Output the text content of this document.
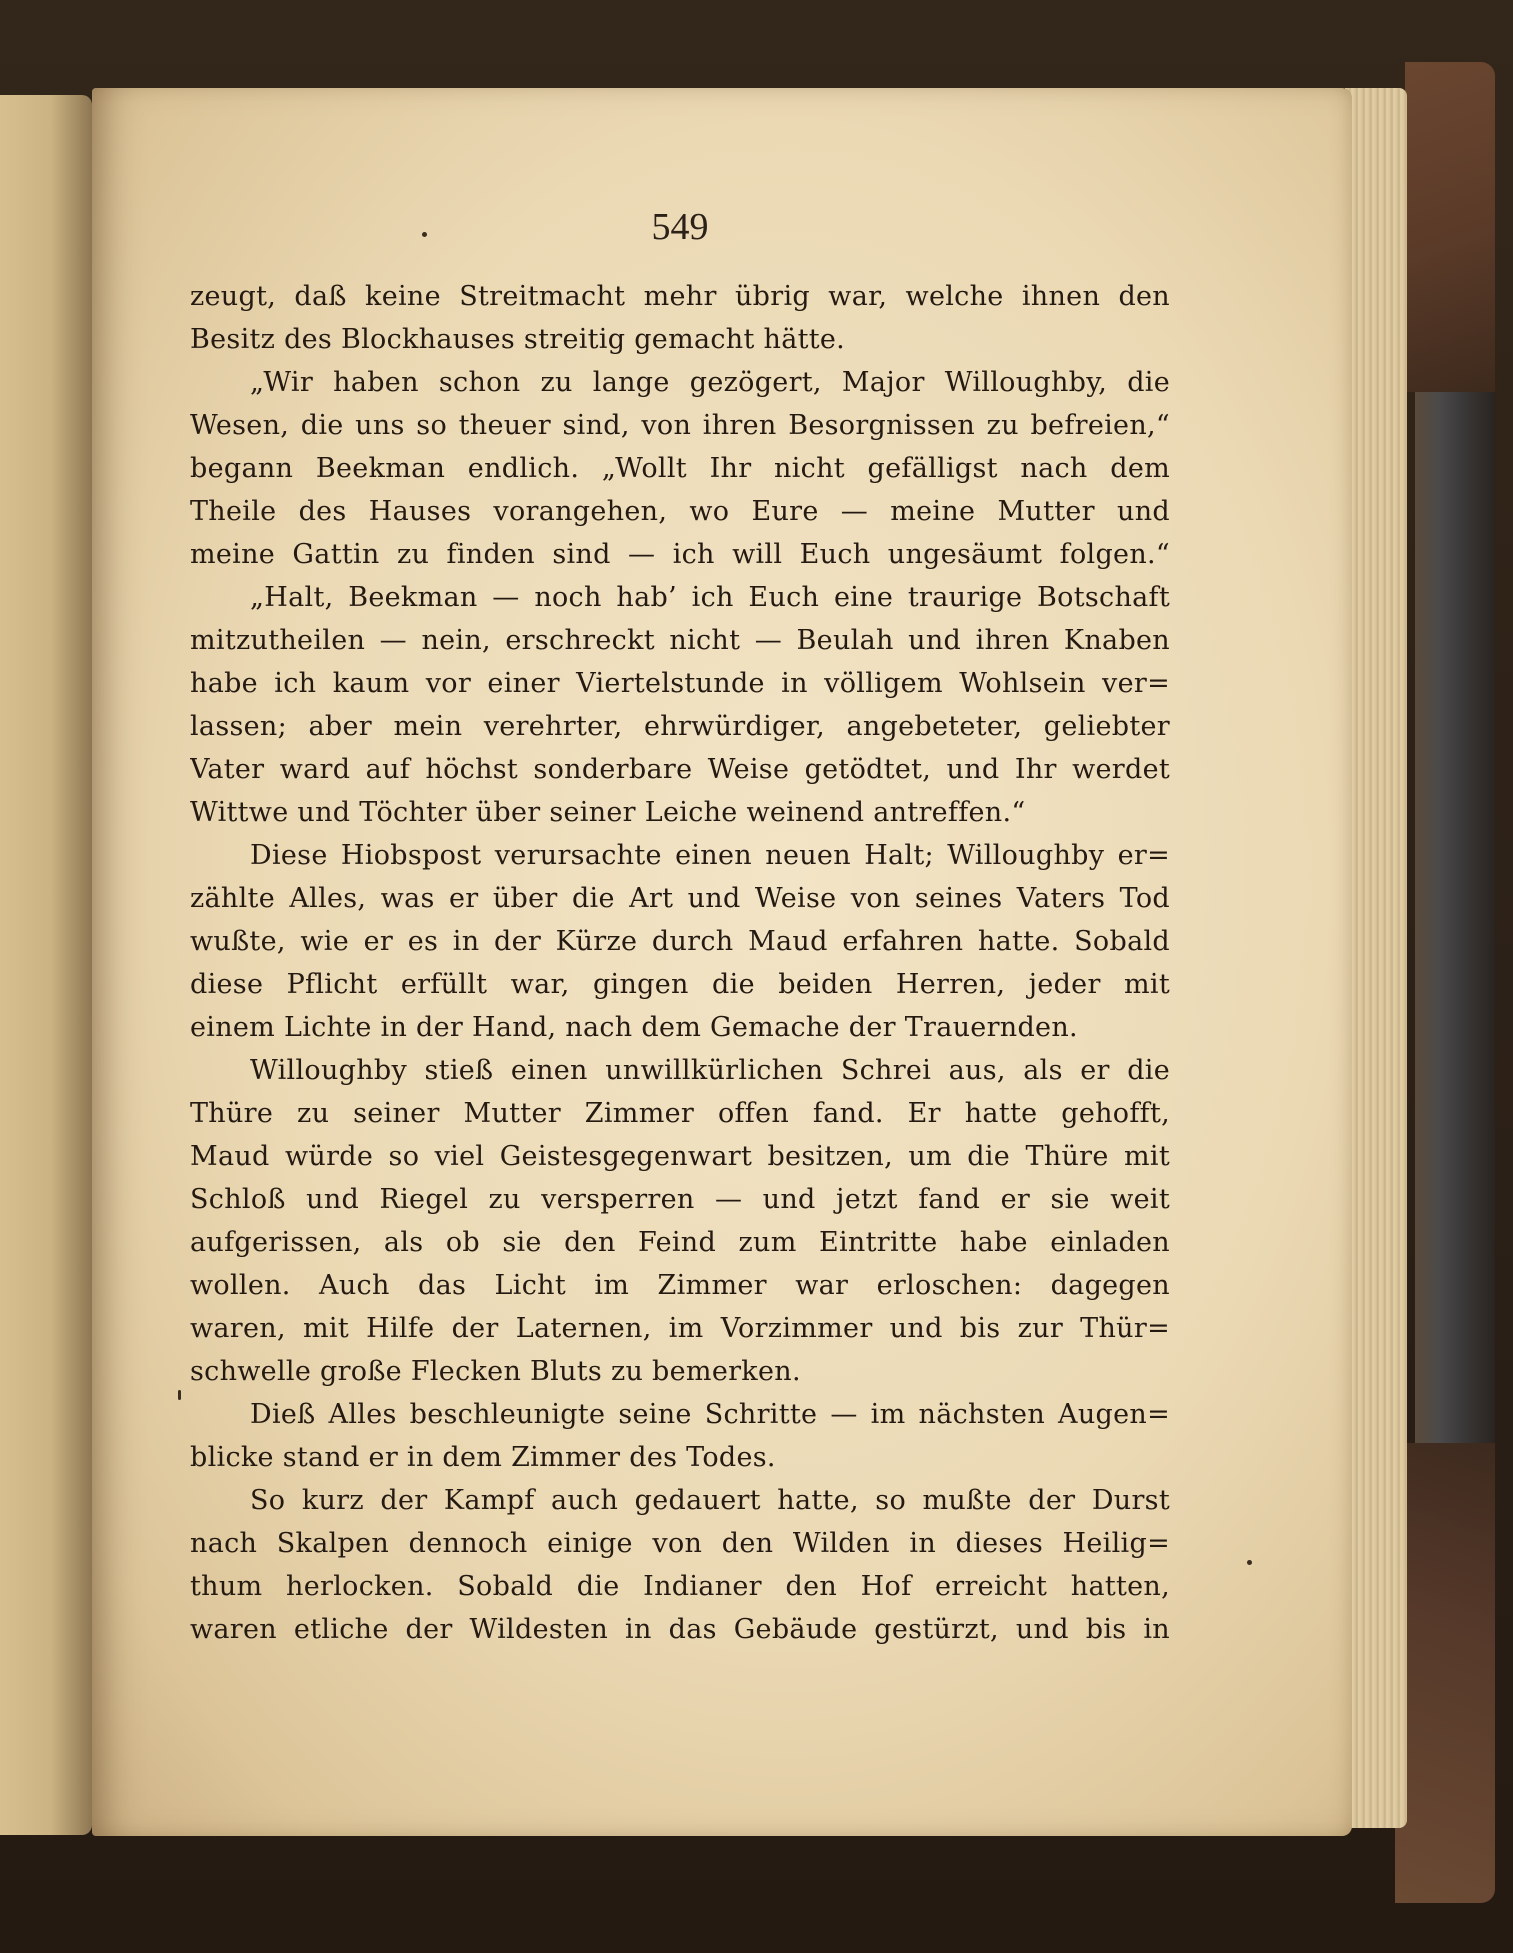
549
zeugt, daß keine Streitmacht mehr übrig war, welche ihnen den
Besitz des Blockhauses streitig gemacht hätte.
„Wir haben schon zu lange gezögert, Major Willoughby, die
Wesen, die uns so theuer sind, von ihren Besorgnissen zu befreien,“
begann Beekman endlich. „Wollt Ihr nicht gefälligst nach dem
Theile des Hauses vorangehen, wo Eure — meine Mutter und
meine Gattin zu finden sind — ich will Euch ungesäumt folgen.“
„Halt, Beekman — noch hab’ ich Euch eine traurige Botschaft
mitzutheilen — nein, erschreckt nicht — Beulah und ihren Knaben
habe ich kaum vor einer Viertelstunde in völligem Wohlsein ver=
lassen; aber mein verehrter, ehrwürdiger, angebeteter, geliebter
Vater ward auf höchst sonderbare Weise getödtet, und Ihr werdet
Wittwe und Töchter über seiner Leiche weinend antreffen.“
Diese Hiobspost verursachte einen neuen Halt; Willoughby er=
zählte Alles, was er über die Art und Weise von seines Vaters Tod
wußte, wie er es in der Kürze durch Maud erfahren hatte. Sobald
diese Pflicht erfüllt war, gingen die beiden Herren, jeder mit
einem Lichte in der Hand, nach dem Gemache der Trauernden.
Willoughby stieß einen unwillkürlichen Schrei aus, als er die
Thüre zu seiner Mutter Zimmer offen fand. Er hatte gehofft,
Maud würde so viel Geistesgegenwart besitzen, um die Thüre mit
Schloß und Riegel zu versperren — und jetzt fand er sie weit
aufgerissen, als ob sie den Feind zum Eintritte habe einladen
wollen. Auch das Licht im Zimmer war erloschen: dagegen
waren, mit Hilfe der Laternen, im Vorzimmer und bis zur Thür=
schwelle große Flecken Bluts zu bemerken.
Dieß Alles beschleunigte seine Schritte — im nächsten Augen=
blicke stand er in dem Zimmer des Todes.
So kurz der Kampf auch gedauert hatte, so mußte der Durst
nach Skalpen dennoch einige von den Wilden in dieses Heilig=
thum herlocken. Sobald die Indianer den Hof erreicht hatten,
waren etliche der Wildesten in das Gebäude gestürzt, und bis in
